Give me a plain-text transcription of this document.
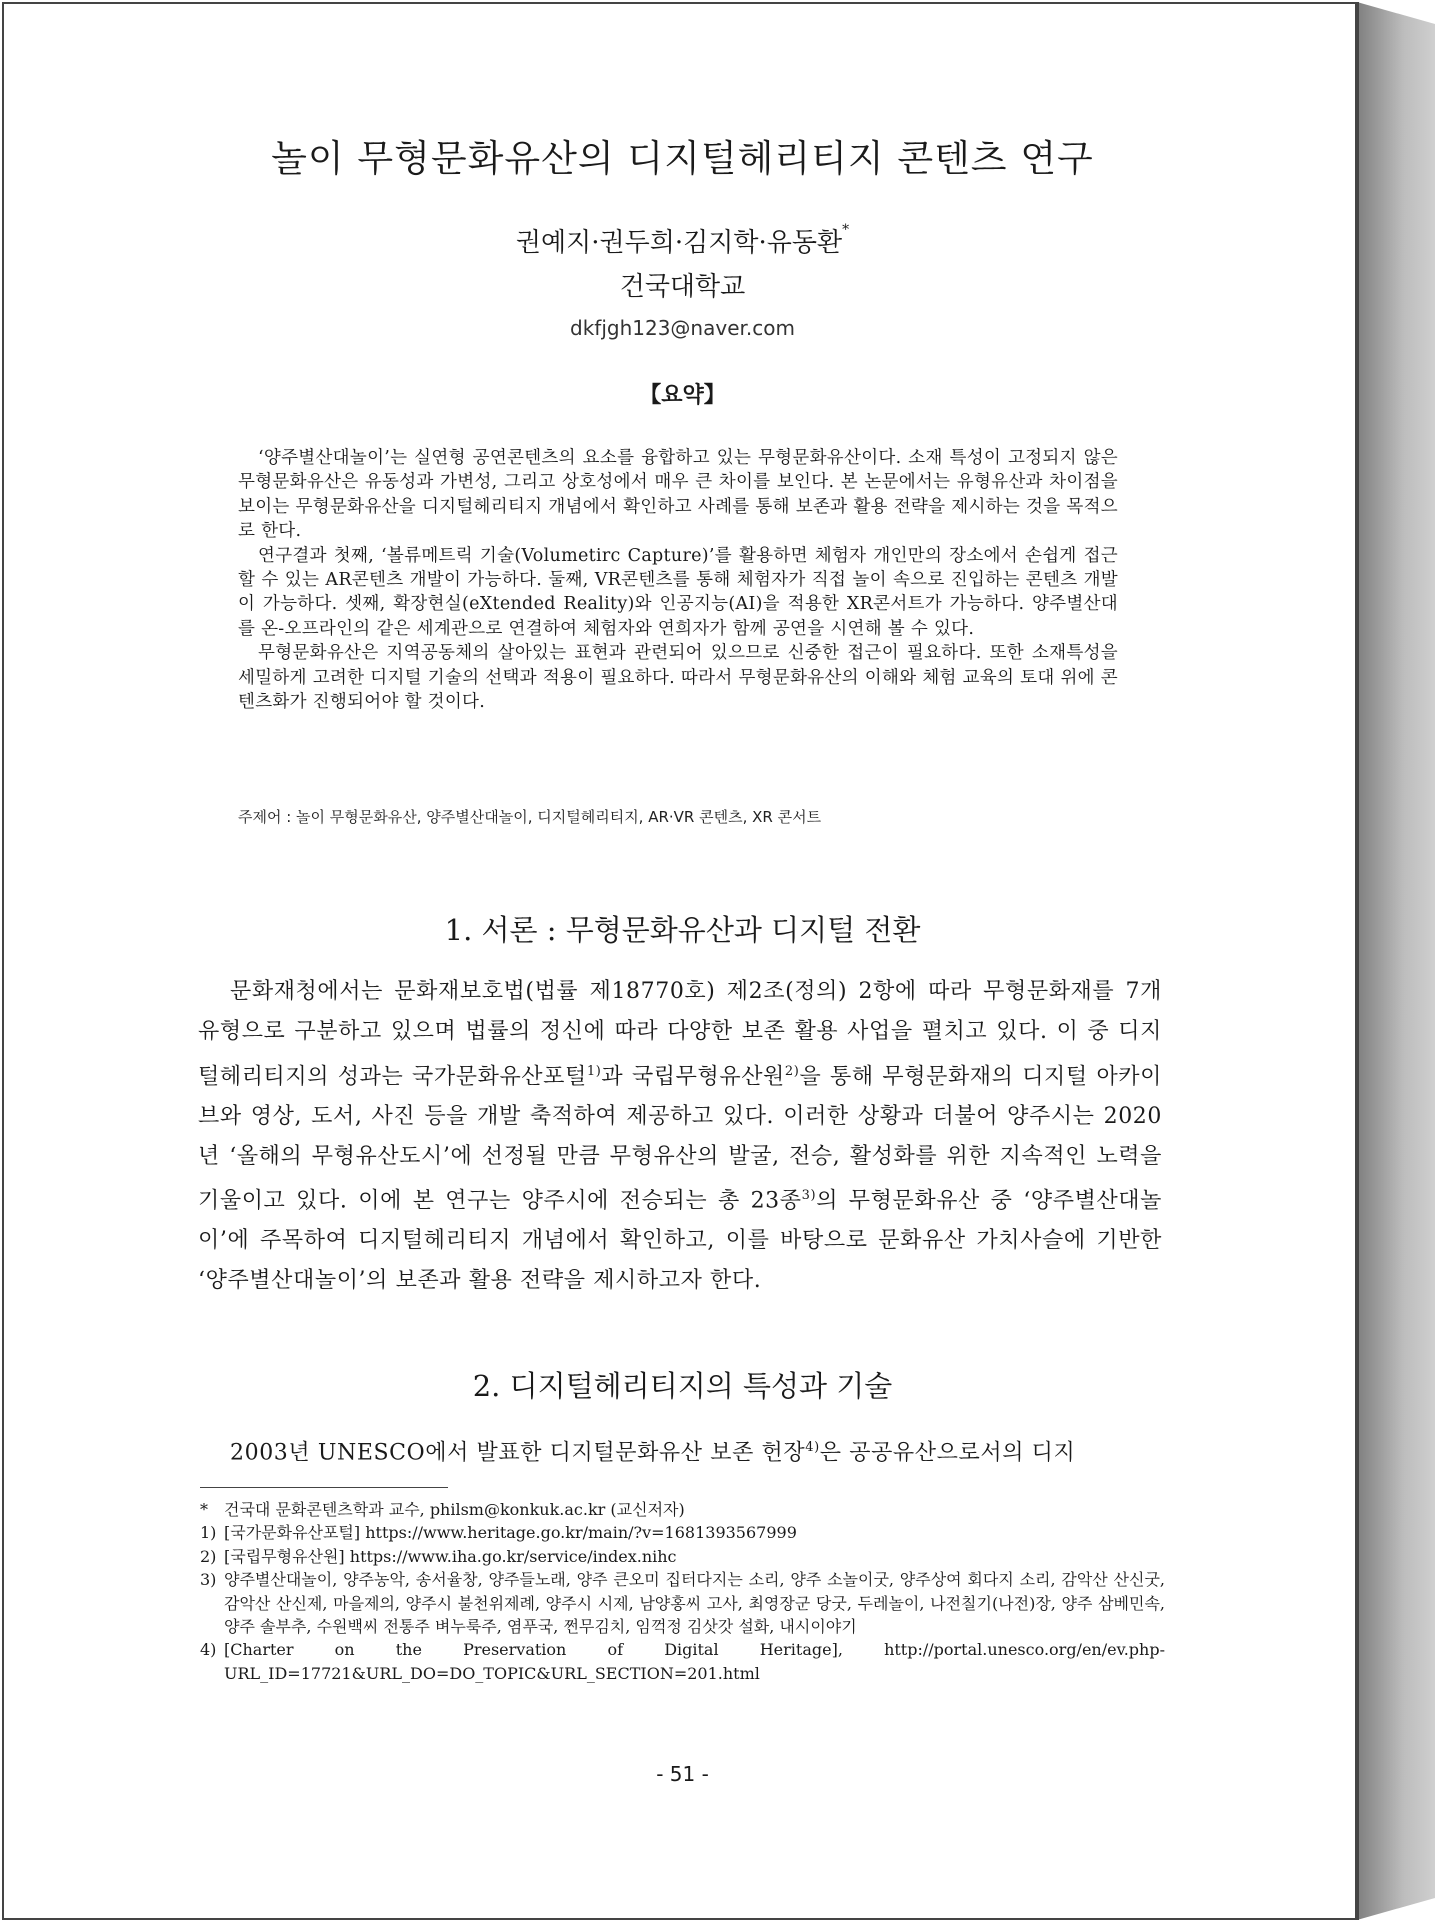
놀이 무형문화유산의 디지털헤리티지 콘텐츠 연구
권예지·권두희·김지학·유동환*
건국대학교
dkfjgh123@naver.com
【요약】

‘양주별산대놀이’는 실연형 공연콘텐츠의 요소를 융합하고 있는 무형문화유산이다. 소재 특성이 고정되지 않은 무형문화유산은 유동성과 가변성, 그리고 상호성에서 매우 큰 차이를 보인다. 본 논문에서는 유형유산과 차이점을 보이는 무형문화유산을 디지털헤리티지 개념에서 확인하고 사례를 통해 보존과 활용 전략을 제시하는 것을 목적으로 한다.

연구결과 첫째, ‘볼류메트릭 기술(Volumetirc Capture)’를 활용하면 체험자 개인만의 장소에서 손쉽게 접근할 수 있는 AR콘텐츠 개발이 가능하다. 둘째, VR콘텐츠를 통해 체험자가 직접 놀이 속으로 진입하는 콘텐츠 개발이 가능하다. 셋째, 확장현실(eXtended Reality)와 인공지능(AI)을 적용한 XR콘서트가 가능하다. 양주별산대를 온-오프라인의 같은 세계관으로 연결하여 체험자와 연희자가 함께 공연을 시연해 볼 수 있다.

무형문화유산은 지역공동체의 살아있는 표현과 관련되어 있으므로 신중한 접근이 필요하다. 또한 소재특성을 세밀하게 고려한 디지털 기술의 선택과 적용이 필요하다. 따라서 무형문화유산의 이해와 체험 교육의 토대 위에 콘텐츠화가 진행되어야 할 것이다.

주제어 : 놀이 무형문화유산, 양주별산대놀이, 디지털헤리티지, AR·VR 콘텐츠, XR 콘서트
1. 서론 : 무형문화유산과 디지털 전환

문화재청에서는 문화재보호법(법률 제18770호) 제2조(정의) 2항에 따라 무형문화재를 7개 유형으로 구분하고 있으며 법률의 정신에 따라 다양한 보존 활용 사업을 펼치고 있다. 이 중 디지털헤리티지의 성과는 국가문화유산포털$^{1)}$과 국립무형유산원$^{2)}$을 통해 무형문화재의 디지털 아카이브와 영상, 도서, 사진 등을 개발 축적하여 제공하고 있다. 이러한 상황과 더불어 양주시는 2020년 ‘올해의 무형유산도시’에 선정될 만큼 무형유산의 발굴, 전승, 활성화를 위한 지속적인 노력을 기울이고 있다. 이에 본 연구는 양주시에 전승되는 총 23종$^{3)}$의 무형문화유산 중 ‘양주별산대놀이’에 주목하여 디지털헤리티지 개념에서 확인하고, 이를 바탕으로 문화유산 가치사슬에 기반한 ‘양주별산대놀이’의 보존과 활용 전략을 제시하고자 한다.

2. 디지털헤리티지의 특성과 기술

2003년 UNESCO에서 발표한 디지털문화유산 보존 헌장$^{4)}$은 공공유산으로서의 디지

*	건국대 문화콘텐츠학과 교수, philsm@konkuk.ac.kr (교신저자)
1) [국가문화유산포털] https://www.heritage.go.kr/main/?v=1681393567999
2) [국립무형유산원] https://www.iha.go.kr/service/index.nihc
3) 양주별산대놀이, 양주농악, 송서율창, 양주들노래, 양주 큰오미 집터다지는 소리, 양주 소놀이굿, 양주상여 회다지 소리, 감악산 산신굿, 감악산 산신제, 마을제의, 양주시 불천위제례, 양주시 시제, 남양홍씨 고사, 최영장군 당굿, 두레놀이, 나전칠기(나전)장, 양주 삼베민속, 양주 솔부추, 수원백씨 전통주 벼누룩주, 염푸국, 쩐무김치, 임꺽정 김삿갓 설화, 내시이야기
4) [Charter on the Preservation of Digital Heritage], http://portal.unesco.org/en/ev.php-URL_ID=17721&URL_DO=DO_TOPIC&URL_SECTION=201.html
- 51 -
